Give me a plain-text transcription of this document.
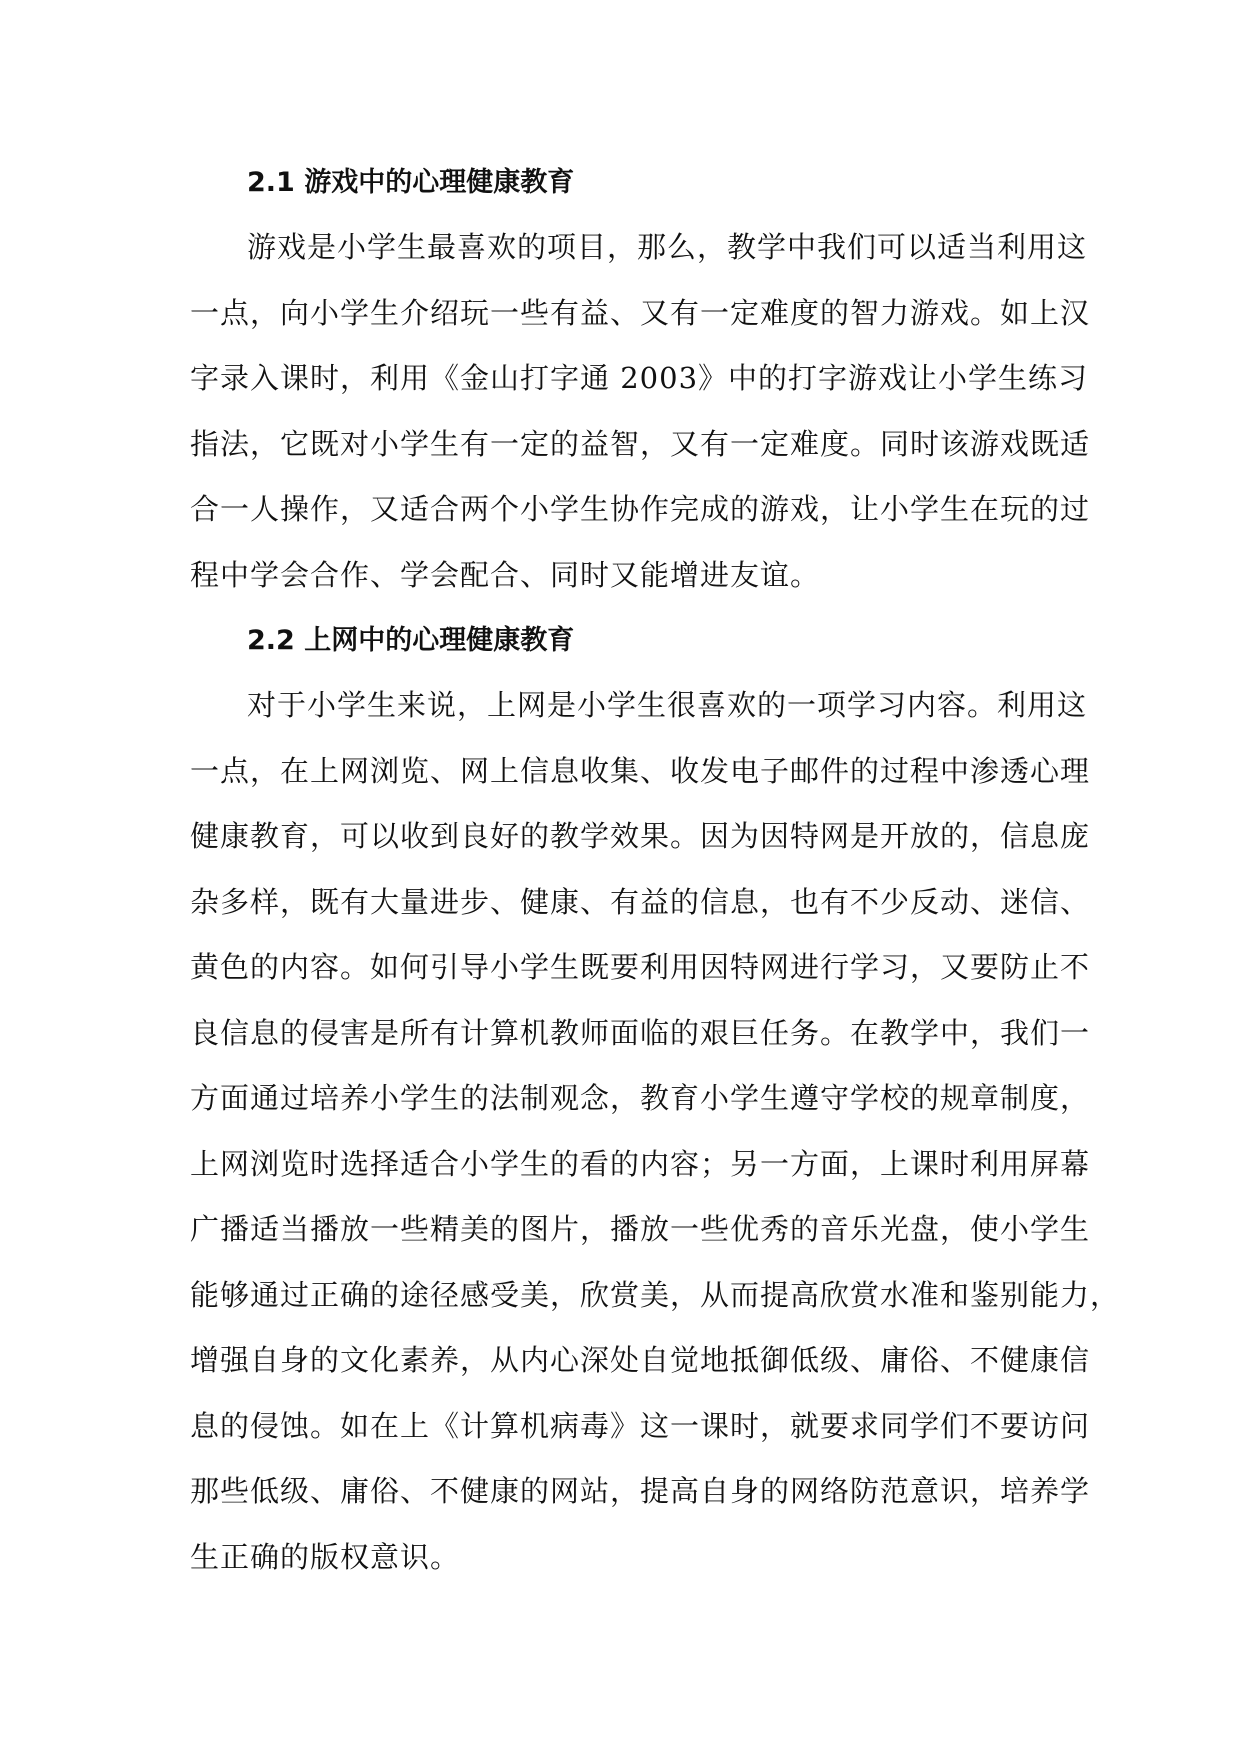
2.1 游戏中的心理健康教育
游戏是小学生最喜欢的项目，那么，教学中我们可以适当利用这
一点，向小学生介绍玩一些有益、又有一定难度的智力游戏。如上汉
字录入课时，利用《金山打字通 2003》中的打字游戏让小学生练习
指法，它既对小学生有一定的益智，又有一定难度。同时该游戏既适
合一人操作，又适合两个小学生协作完成的游戏，让小学生在玩的过
程中学会合作、学会配合、同时又能增进友谊。
2.2 上网中的心理健康教育
对于小学生来说，上网是小学生很喜欢的一项学习内容。利用这
一点，在上网浏览、网上信息收集、收发电子邮件的过程中渗透心理
健康教育，可以收到良好的教学效果。因为因特网是开放的，信息庞
杂多样，既有大量进步、健康、有益的信息，也有不少反动、迷信、
黄色的内容。如何引导小学生既要利用因特网进行学习，又要防止不
良信息的侵害是所有计算机教师面临的艰巨任务。在教学中，我们一
方面通过培养小学生的法制观念，教育小学生遵守学校的规章制度，
上网浏览时选择适合小学生的看的内容；另一方面，上课时利用屏幕
广播适当播放一些精美的图片，播放一些优秀的音乐光盘，使小学生
能够通过正确的途径感受美，欣赏美，从而提高欣赏水准和鉴别能力，
增强自身的文化素养，从内心深处自觉地抵御低级、庸俗、不健康信
息的侵蚀。如在上《计算机病毒》这一课时，就要求同学们不要访问
那些低级、庸俗、不健康的网站，提高自身的网络防范意识，培养学
生正确的版权意识。
